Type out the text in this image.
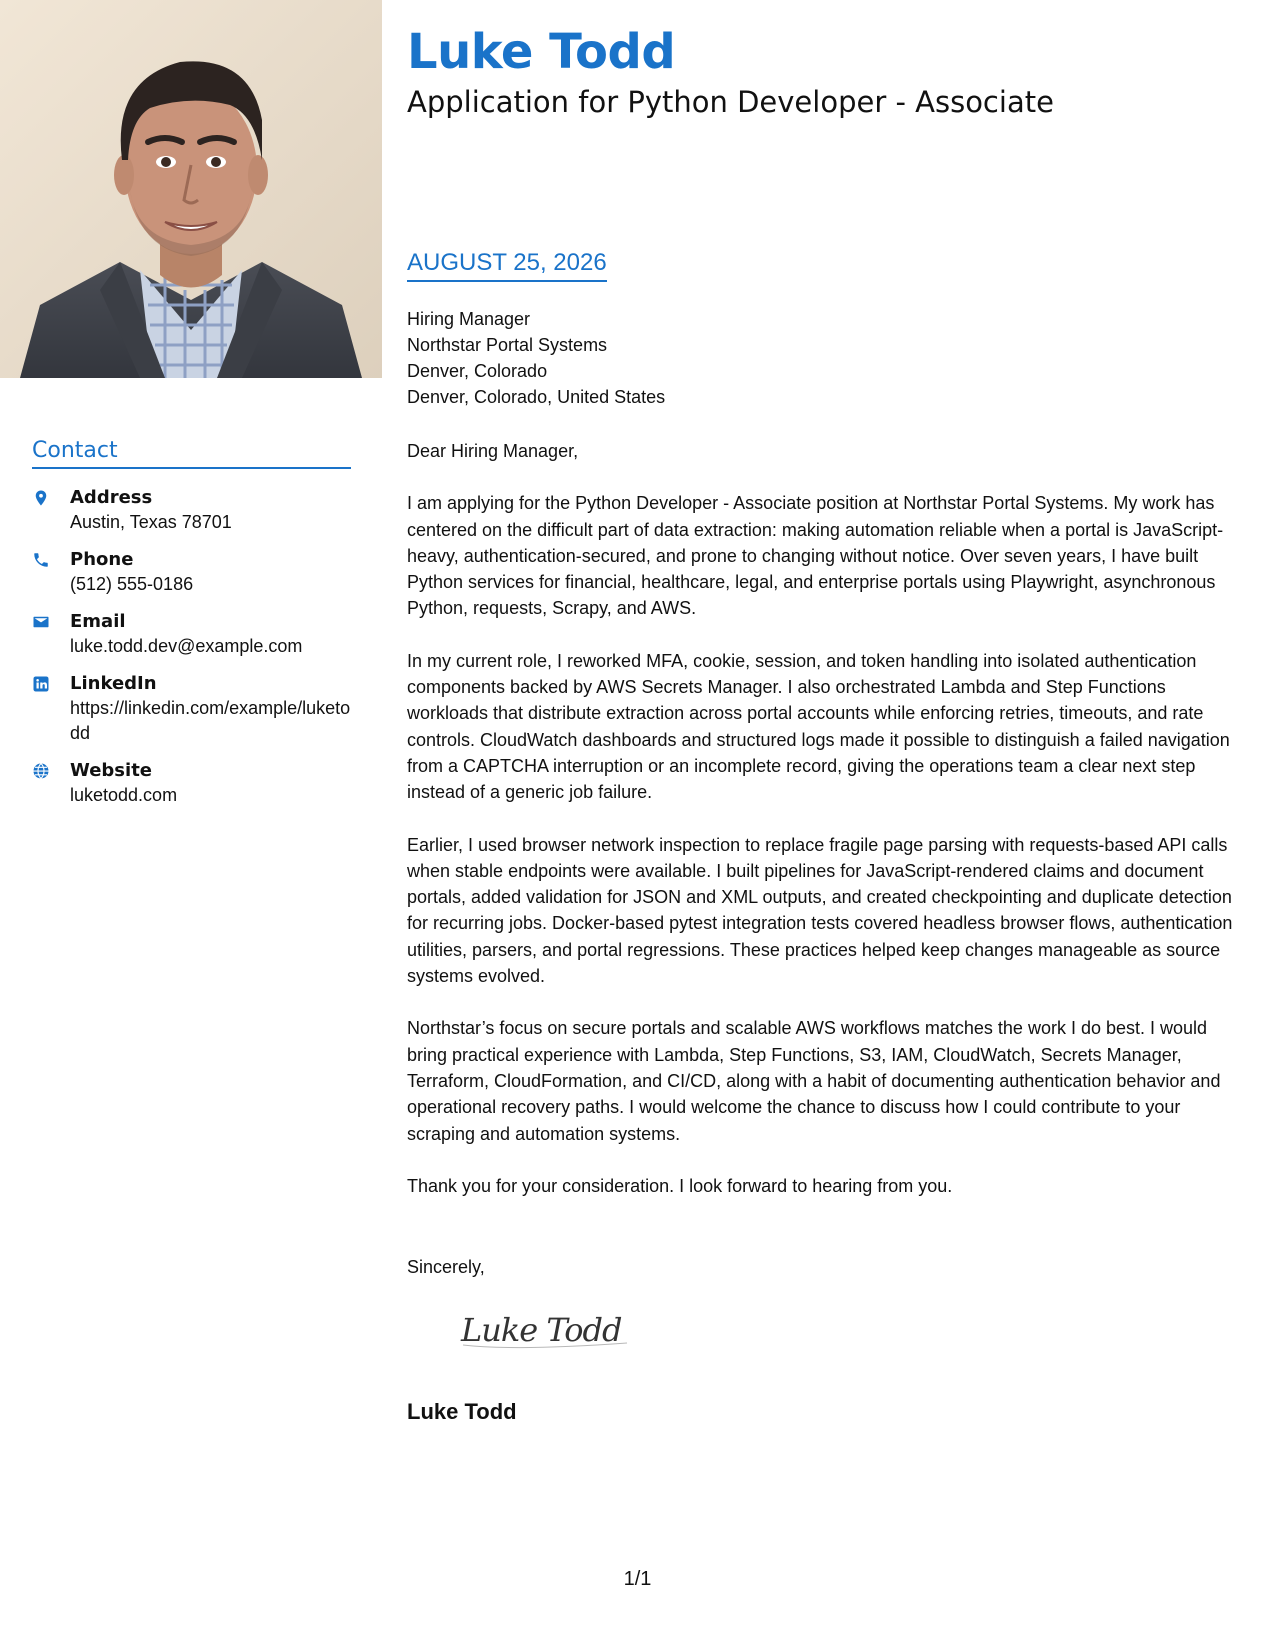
Contact
Address
Austin, Texas 78701
Phone
(512) 555-0186
Email
luke.todd.dev@example.com
LinkedIn
https://linkedin.com/example/luketodd
Website
luketodd.com
Luke Todd
Application for Python Developer - Associate
AUGUST 25, 2026
Hiring Manager
Northstar Portal Systems
Denver, Colorado
Denver, Colorado, United States

Dear Hiring Manager,

I am applying for the Python Developer - Associate position at Northstar Portal Systems. My work has centered on the difficult part of data extraction: making automation reliable when a portal is JavaScript-heavy, authentication-secured, and prone to changing without notice. Over seven years, I have built Python services for financial, healthcare, legal, and enterprise portals using Playwright, asynchronous Python, requests, Scrapy, and AWS.

In my current role, I reworked MFA, cookie, session, and token handling into isolated authentication components backed by AWS Secrets Manager. I also orchestrated Lambda and Step Functions workloads that distribute extraction across portal accounts while enforcing retries, timeouts, and rate controls. CloudWatch dashboards and structured logs made it possible to distinguish a failed navigation from a CAPTCHA interruption or an incomplete record, giving the operations team a clear next step instead of a generic job failure.

Earlier, I used browser network inspection to replace fragile page parsing with requests-based API calls when stable endpoints were available. I built pipelines for JavaScript-rendered claims and document portals, added validation for JSON and XML outputs, and created checkpointing and duplicate detection for recurring jobs. Docker-based pytest integration tests covered headless browser flows, authentication utilities, parsers, and portal regressions. These practices helped keep changes manageable as source systems evolved.

Northstar’s focus on secure portals and scalable AWS workflows matches the work I do best. I would bring practical experience with Lambda, Step Functions, S3, IAM, CloudWatch, Secrets Manager, Terraform, CloudFormation, and CI/CD, along with a habit of documenting authentication behavior and operational recovery paths. I would welcome the chance to discuss how I could contribute to your scraping and automation systems.

Thank you for your consideration. I look forward to hearing from you.

Sincerely,
Luke Todd
Luke Todd
1/1
